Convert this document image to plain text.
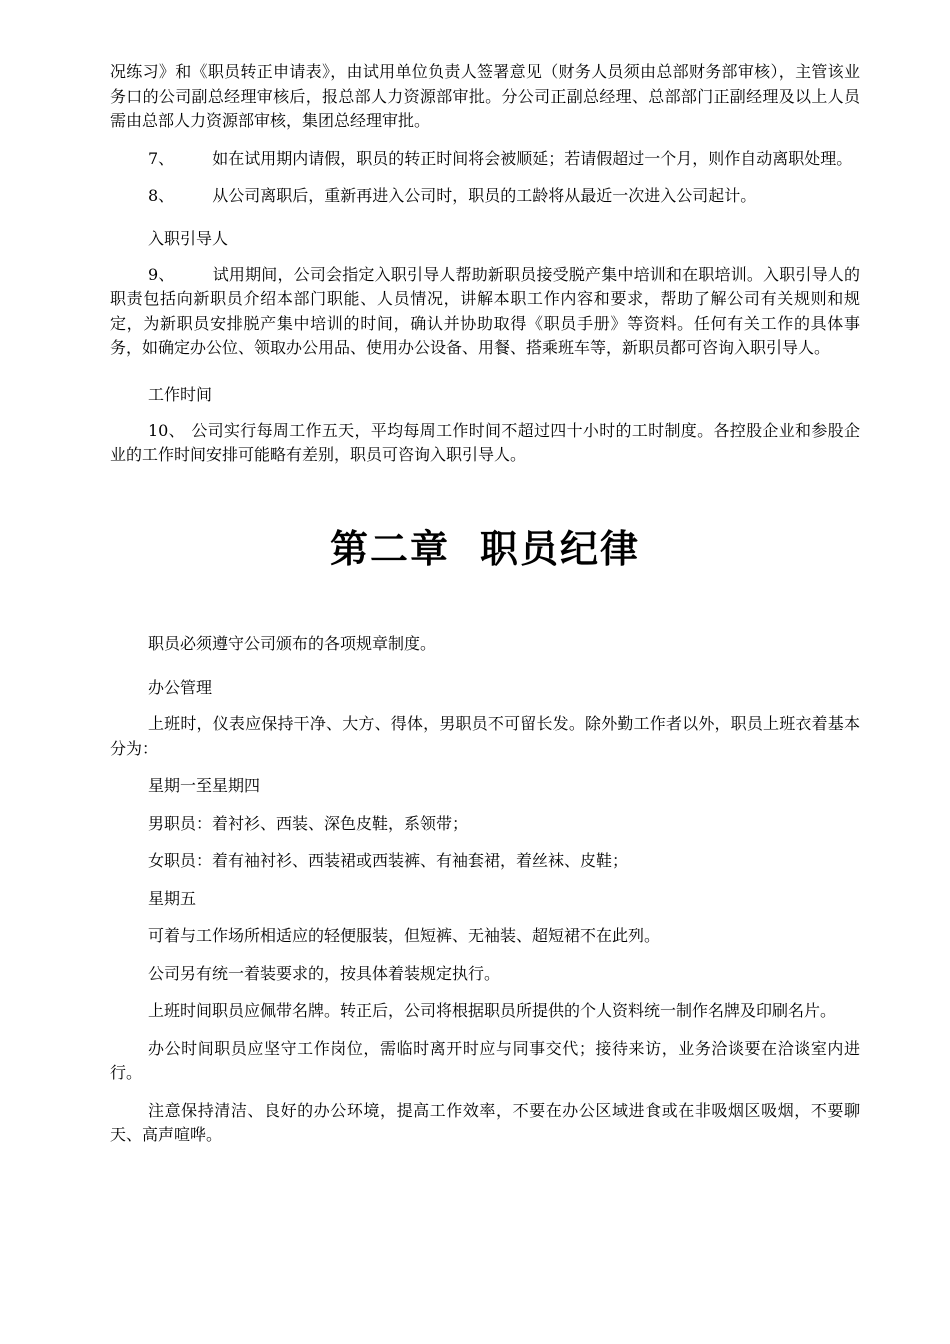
况练习》和《职员转正申请表》，由试用单位负责人签署意见（财务人员须由总部财务部审核），主管该业务口的公司副总经理审核后，报总部人力资源部审批。分公司正副总经理、总部部门正副经理及以上人员需由总部人力资源部审核，集团总经理审批。

7、 如在试用期内请假，职员的转正时间将会被顺延；若请假超过一个月，则作自动离职处理。

8、 从公司离职后，重新再进入公司时，职员的工龄将从最近一次进入公司起计。

入职引导人

9、 试用期间，公司会指定入职引导人帮助新职员接受脱产集中培训和在职培训。入职引导人的职责包括向新职员介绍本部门职能、人员情况，讲解本职工作内容和要求，帮助了解公司有关规则和规定，为新职员安排脱产集中培训的时间，确认并协助取得《职员手册》等资料。任何有关工作的具体事务，如确定办公位、领取办公用品、使用办公设备、用餐、搭乘班车等，新职员都可咨询入职引导人。

工作时间

10、 公司实行每周工作五天，平均每周工作时间不超过四十小时的工时制度。各控股企业和参股企业的工作时间安排可能略有差别，职员可咨询入职引导人。

第二章 职员纪律

职员必须遵守公司颁布的各项规章制度。

办公管理

上班时，仪表应保持干净、大方、得体，男职员不可留长发。除外勤工作者以外，职员上班衣着基本分为：

星期一至星期四

男职员：着衬衫、西装、深色皮鞋，系领带；

女职员：着有袖衬衫、西装裙或西装裤、有袖套裙，着丝袜、皮鞋；

星期五

可着与工作场所相适应的轻便服装，但短裤、无袖装、超短裙不在此列。

公司另有统一着装要求的，按具体着装规定执行。

上班时间职员应佩带名牌。转正后，公司将根据职员所提供的个人资料统一制作名牌及印刷名片。

办公时间职员应坚守工作岗位，需临时离开时应与同事交代；接待来访，业务洽谈要在洽谈室内进行。

注意保持清洁、良好的办公环境，提高工作效率，不要在办公区域进食或在非吸烟区吸烟，不要聊天、高声喧哗。
